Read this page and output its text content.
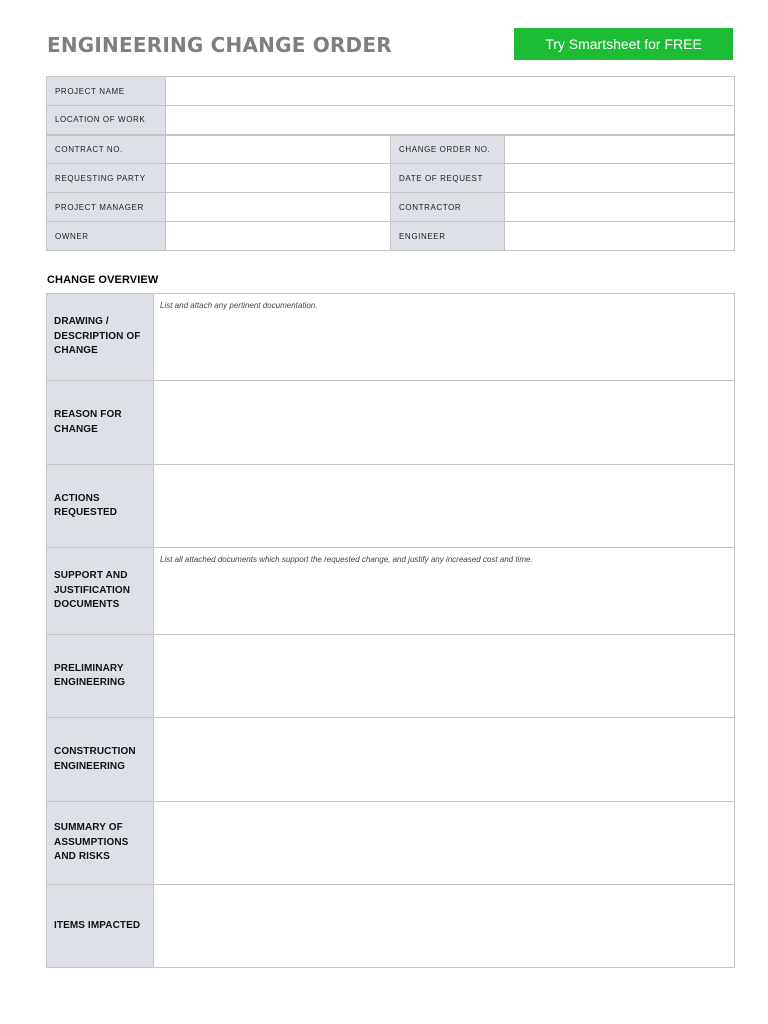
ENGINEERING CHANGE ORDER	Try Smartsheet for FREE
PROJECT NAME			
LOCATION OF WORK			
CONTRACT NO.		CHANGE ORDER NO.	
REQUESTING PARTY		DATE OF REQUEST	
PROJECT MANAGER		CONTRACTOR	
OWNER		ENGINEER	
CHANGE OVERVIEW
DRAWING / DESCRIPTION OF CHANGE	List and attach any pertinent documentation.

REASON FOR CHANGE	
ACTIONS REQUESTED	
SUPPORT AND JUSTIFICATION DOCUMENTS	List all attached documents which support the requested change, and justify any increased cost and time.

PRELIMINARY ENGINEERING	
CONSTRUCTION ENGINEERING	
SUMMARY OF ASSUMPTIONS AND RISKS	
ITEMS IMPACTED	
